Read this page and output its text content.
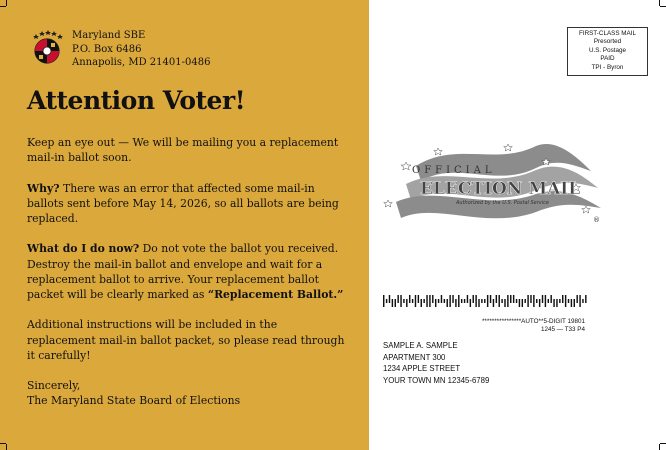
Maryland SBE
P.O. Box 6486
Annapolis, MD 21401-0486
Attention Voter!

Keep an eye out — We will be mailing you a replacement mail-in ballot soon.

Why? There was an error that affected some mail-in ballots sent before May 14, 2026, so all ballots are being replaced.

What do I do now? Do not vote the ballot you received. Destroy the mail-in ballot and envelope and wait for a replacement ballot to arrive. Your replacement ballot packet will be clearly marked as “Replacement Ballot.”

Additional instructions will be included in the replacement mail-in ballot packet, so please read through it carefully!

Sincerely,
The Maryland State Board of Elections
FIRST-CLASS MAIL
Presorted
U.S. Postage
PAID
TPI - Byron
OFFICIAL
ELECTION MAIL
Authorized by the U.S. Postal Service
®
****************AUTO**5-DIGIT 19801
1245 — T33 P4
SAMPLE A. SAMPLE
APARTMENT 300
1234 APPLE STREET
YOUR TOWN MN 12345-6789
